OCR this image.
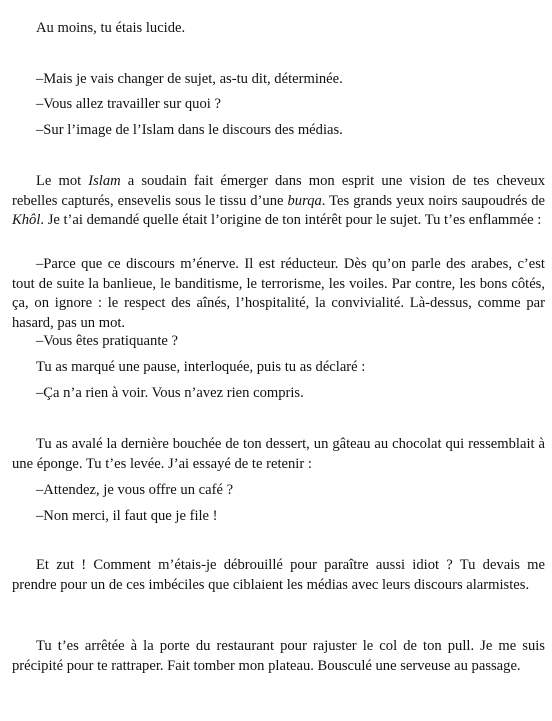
Au moins, tu étais lucide.

–Mais je vais changer de sujet, as-tu dit, déterminée.

–Vous allez travailler sur quoi ?

–Sur l’image de l’Islam dans le discours des médias.

Le mot Islam a soudain fait émerger dans mon esprit une vision de tes cheveux rebelles capturés, ensevelis sous le tissu d’une burqa. Tes grands yeux noirs saupoudrés de Khôl. Je t’ai demandé quelle était l’origine de ton intérêt pour le sujet. Tu t’es enflammée :

–Parce que ce discours m’énerve. Il est réducteur. Dès qu’on parle des arabes, c’est tout de suite la banlieue, le banditisme, le terrorisme, les voiles. Par contre, les bons côtés, ça, on ignore : le respect des aînés, l’hospitalité, la convivialité. Là-dessus, comme par hasard, pas un mot.

–Vous êtes pratiquante ?

Tu as marqué une pause, interloquée, puis tu as déclaré :

–Ça n’a rien à voir. Vous n’avez rien compris.

Tu as avalé la dernière bouchée de ton dessert, un gâteau au chocolat qui ressemblait à une éponge. Tu t’es levée. J’ai essayé de te retenir :

–Attendez, je vous offre un café ?

–Non merci, il faut que je file !

Et zut ! Comment m’étais-je débrouillé pour paraître aussi idiot ? Tu devais me prendre pour un de ces imbéciles que ciblaient les médias avec leurs discours alarmistes.

Tu t’es arrêtée à la porte du restaurant pour rajuster le col de ton pull. Je me suis précipité pour te rattraper. Fait tomber mon plateau. Bousculé une serveuse au passage.
